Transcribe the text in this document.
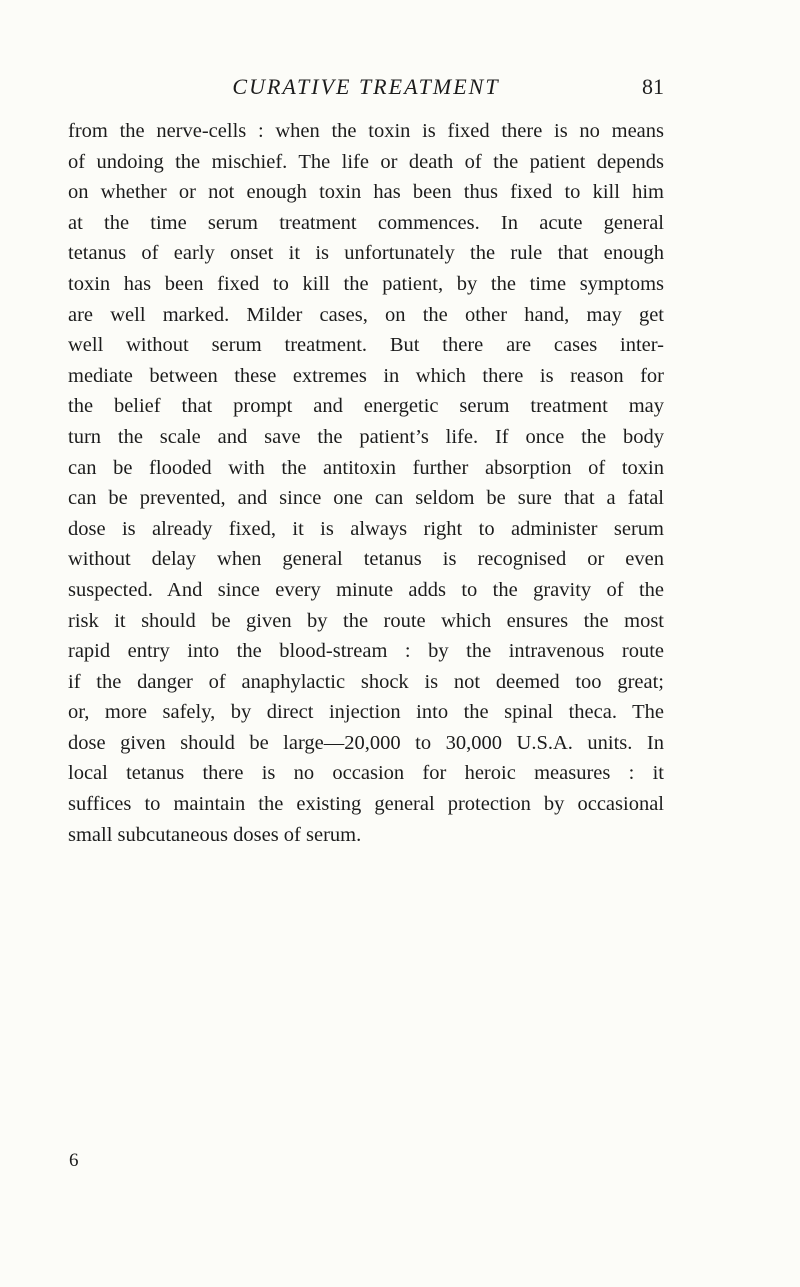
CURATIVE TREATMENT	81
from the nerve-cells : when the toxin is fixed there is no means
of undoing the mischief. The life or death of the patient depends
on whether or not enough toxin has been thus fixed to kill him
at the time serum treatment commences. In acute general
tetanus of early onset it is unfortunately the rule that enough
toxin has been fixed to kill the patient, by the time symptoms
are well marked. Milder cases, on the other hand, may get
well without serum treatment. But there are cases inter-
mediate between these extremes in which there is reason for
the belief that prompt and energetic serum treatment may
turn the scale and save the patient’s life. If once the body
can be flooded with the antitoxin further absorption of toxin
can be prevented, and since one can seldom be sure that a fatal
dose is already fixed, it is always right to administer serum
without delay when general tetanus is recognised or even
suspected. And since every minute adds to the gravity of the
risk it should be given by the route which ensures the most
rapid entry into the blood-stream : by the intravenous route
if the danger of anaphylactic shock is not deemed too great;
or, more safely, by direct injection into the spinal theca. The
dose given should be large—20,000 to 30,000 U.S.A. units. In
local tetanus there is no occasion for heroic measures : it
suffices to maintain the existing general protection by occasional
small subcutaneous doses of serum.
6
